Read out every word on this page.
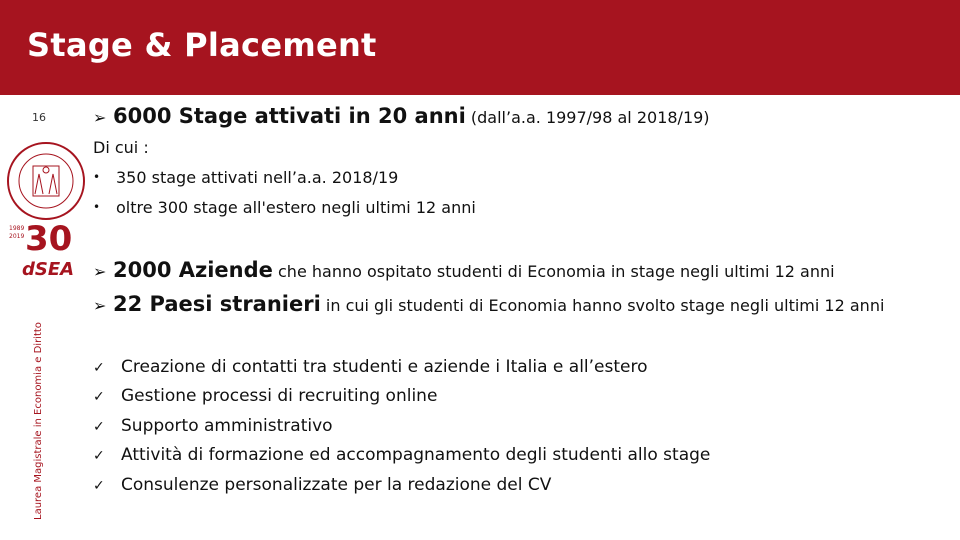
Stage & Placement
16
Laurea Magistrale in Economia e Diritto
1989
2019 30
dSEA
➢ 6000 Stage attivati in 20 anni (dall’a.a. 1997/98 al 2018/19)
Di cui :
• 350 stage attivati nell’a.a. 2018/19
• oltre 300 stage all'estero negli ultimi 12 anni
➢ 2000 Aziende che hanno ospitato studenti di Economia in stage negli ultimi 12 anni
➢ 22 Paesi stranieri in cui gli studenti di Economia hanno svolto stage negli ultimi 12 anni
✓ Creazione di contatti tra studenti e aziende i Italia e all’estero
✓ Gestione processi di recruiting online
✓ Supporto amministrativo
✓ Attività di formazione ed accompagnamento degli studenti allo stage
✓ Consulenze personalizzate per la redazione del CV
